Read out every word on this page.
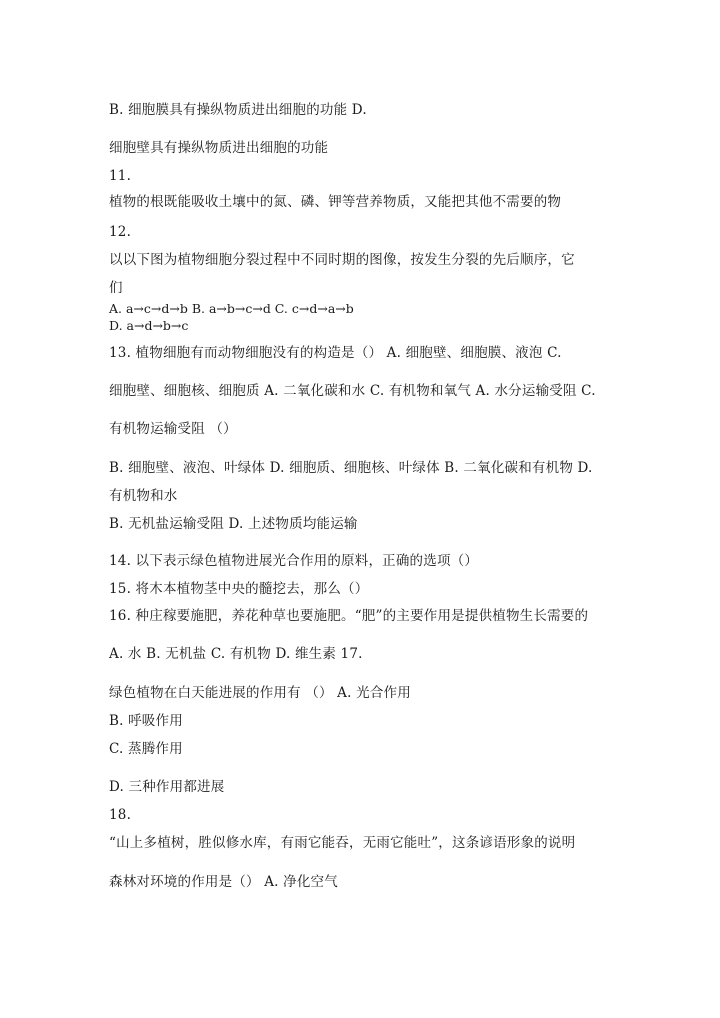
B. 细胞膜具有操纵物质进出细胞的功能 D.
细胞壁具有操纵物质进出细胞的功能
11.
植物的根既能吸收土壤中的氮、磷、钾等营养物质，又能把其他不需要的物
12.
以以下图为植物细胞分裂过程中不同时期的图像，按发生分裂的先后顺序，它
们
A. a→c→d→b B. a→b→c→d C. c→d→a→b
D. a→d→b→c
13. 植物细胞有而动物细胞没有的构造是（） A. 细胞壁、细胞膜、液泡 C.
细胞壁、细胞核、细胞质 A. 二氧化碳和水 C. 有机物和氧气 A. 水分运输受阻 C.
有机物运输受阻 （）
B. 细胞壁、液泡、叶绿体 D. 细胞质、细胞核、叶绿体 B. 二氧化碳和有机物 D.
有机物和水
B. 无机盐运输受阻 D. 上述物质均能运输
14. 以下表示绿色植物进展光合作用的原料，正确的选项（）
15. 将木本植物茎中央的髓挖去，那么（）
16. 种庄稼要施肥，养花种草也要施肥。“肥”的主要作用是提供植物生长需要的
A. 水 B. 无机盐 C. 有机物 D. 维生素 17.
绿色植物在白天能进展的作用有 （） A. 光合作用
B. 呼吸作用
C. 蒸腾作用
D. 三种作用都进展
18.
“山上多植树，胜似修水库，有雨它能吞，无雨它能吐”，这条谚语形象的说明
森林对环境的作用是（） A. 净化空气
